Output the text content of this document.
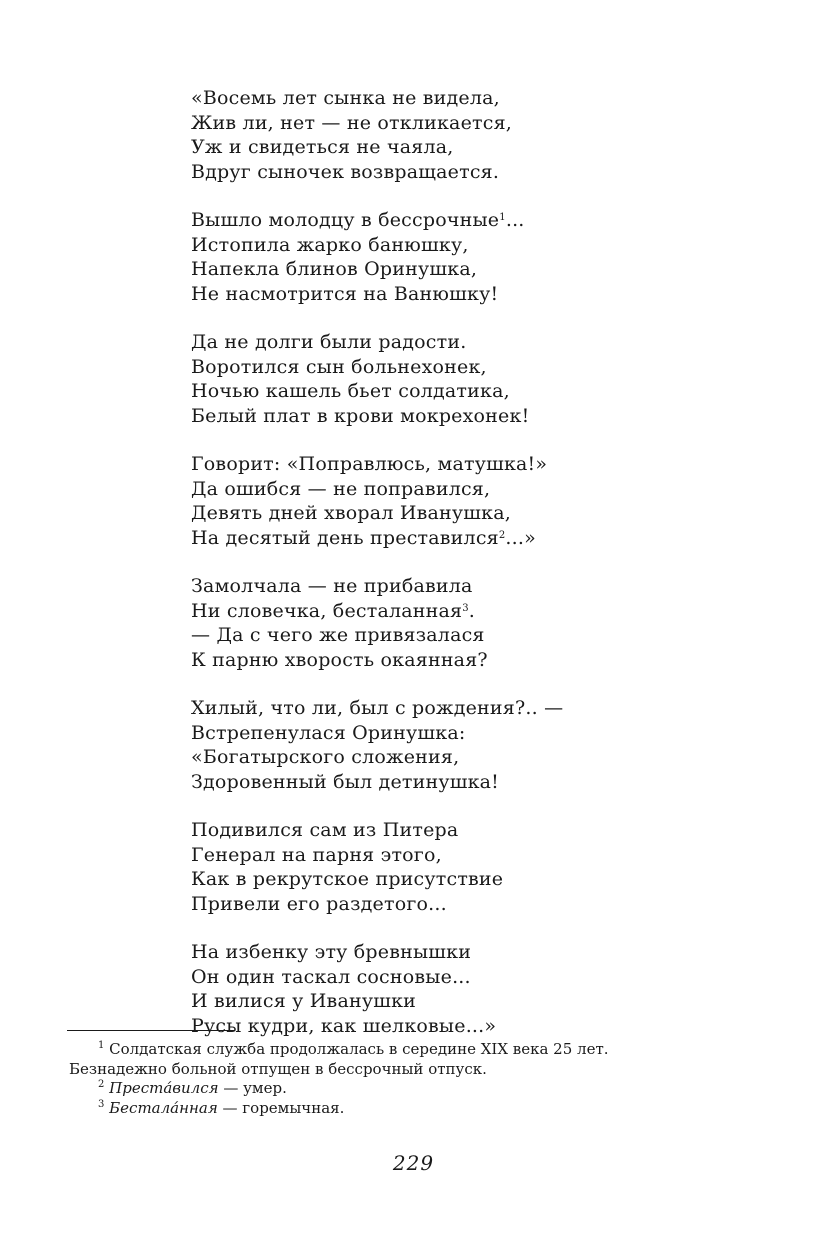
«Восемь лет сынка не видела,
Жив ли, нет — не откликается,
Уж и свидеться не чаяла,
Вдруг сыночек возвращается.
Вышло молодцу в бессрочные$^1$...
Истопила жарко банюшку,
Напекла блинов Оринушка,
Не насмотрится на Ванюшку!
Да не долги были радости.
Воротился сын больнехонек,
Ночью кашель бьет солдатика,
Белый плат в крови мокрехонек!
Говорит: «Поправлюсь, матушка!»
Да ошибся — не поправился,
Девять дней хворал Иванушка,
На десятый день преставился$^2$...»
Замолчала — не прибавила
Ни словечка, бесталанная$^3$.
— Да с чего же привязалася
К парню хворость окаянная?
Хилый, что ли, был с рождения?.. —
Встрепенулася Оринушка:
«Богатырского сложения,
Здоровенный был детинушка!
Подивился сам из Питера
Генерал на парня этого,
Как в рекрутское присутствие
Привели его раздетого...
На избенку эту бревнышки
Он один таскал сосновые...
И вилися у Иванушки
Русы кудри, как шелковые...»

$^1$ Солдатская служба продолжалась в середине XIX века 25 лет.

Безнадежно больной отпущен в бессрочный отпуск.

$^2$ Преста́вился — умер.

$^3$ Бестала́нная — горемычная.

229
